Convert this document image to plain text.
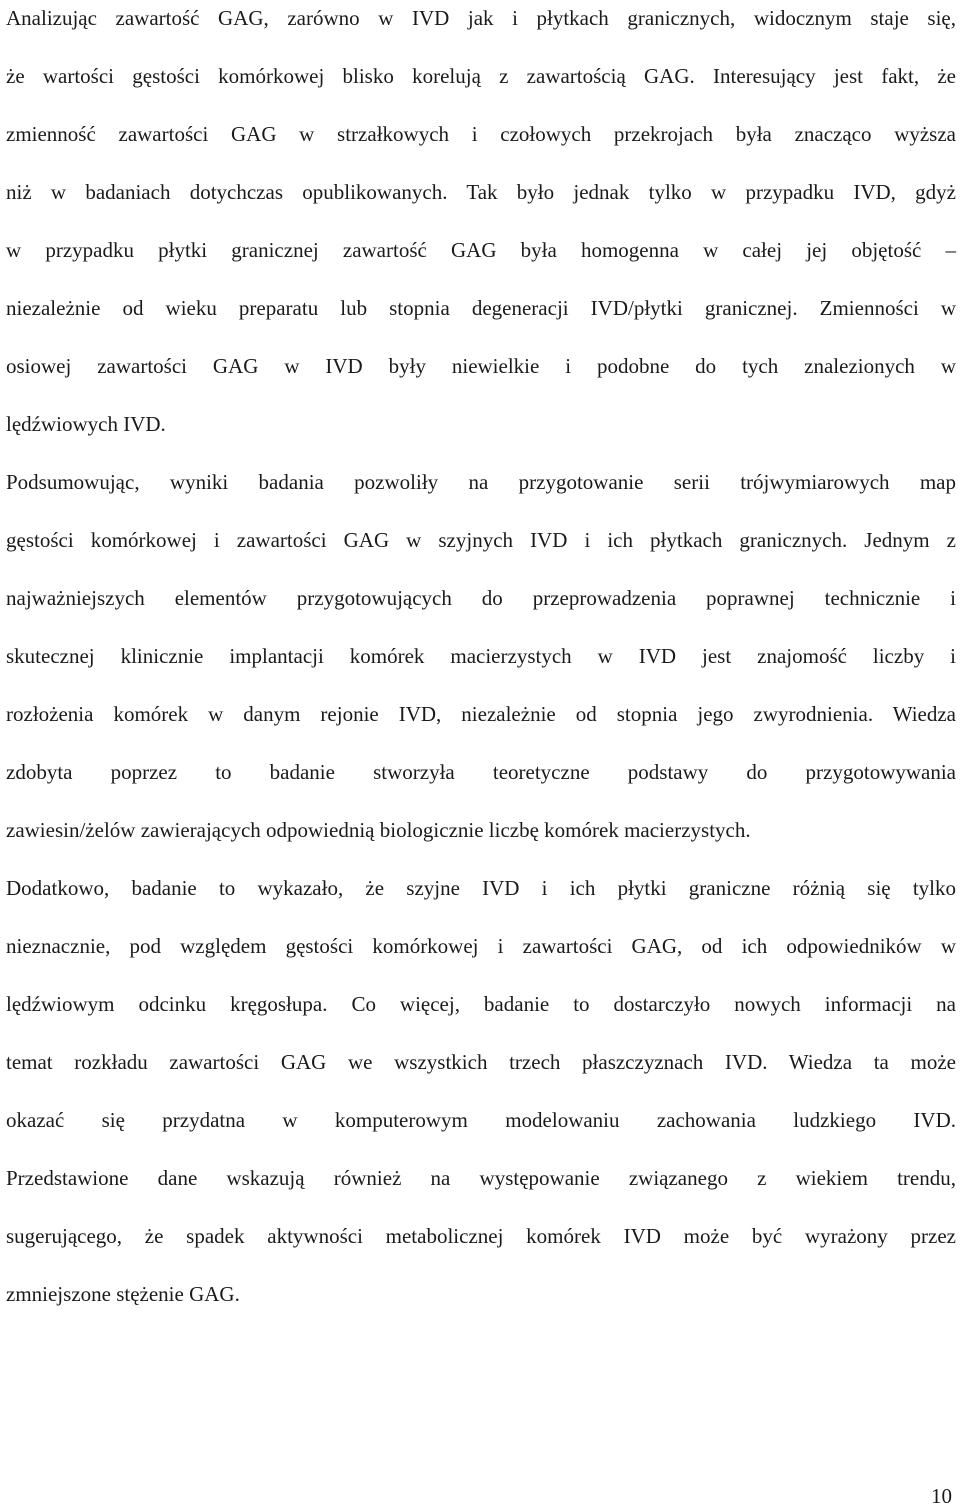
Analizując zawartość GAG, zarówno w IVD jak i płytkach granicznych, widocznym staje się,
że wartości gęstości komórkowej blisko korelują z zawartością GAG. Interesujący jest fakt, że
zmienność zawartości GAG w strzałkowych i czołowych przekrojach była znacząco wyższa
niż w badaniach dotychczas opublikowanych. Tak było jednak tylko w przypadku IVD, gdyż
w przypadku płytki granicznej zawartość GAG była homogenna w całej jej objętość –
niezależnie od wieku preparatu lub stopnia degeneracji IVD/płytki granicznej. Zmienności w
osiowej zawartości GAG w IVD były niewielkie i podobne do tych znalezionych w
lędźwiowych IVD.
Podsumowując, wyniki badania pozwoliły na przygotowanie serii trójwymiarowych map
gęstości komórkowej i zawartości GAG w szyjnych IVD i ich płytkach granicznych. Jednym z
najważniejszych elementów przygotowujących do przeprowadzenia poprawnej technicznie i
skutecznej klinicznie implantacji komórek macierzystych w IVD jest znajomość liczby i
rozłożenia komórek w danym rejonie IVD, niezależnie od stopnia jego zwyrodnienia. Wiedza
zdobyta poprzez to badanie stworzyła teoretyczne podstawy do przygotowywania
zawiesin/żelów zawierających odpowiednią biologicznie liczbę komórek macierzystych.
Dodatkowo, badanie to wykazało, że szyjne IVD i ich płytki graniczne różnią się tylko
nieznacznie, pod względem gęstości komórkowej i zawartości GAG, od ich odpowiedników w
lędźwiowym odcinku kręgosłupa. Co więcej, badanie to dostarczyło nowych informacji na
temat rozkładu zawartości GAG we wszystkich trzech płaszczyznach IVD. Wiedza ta może
okazać się przydatna w komputerowym modelowaniu zachowania ludzkiego IVD.
Przedstawione dane wskazują również na występowanie związanego z wiekiem trendu,
sugerującego, że spadek aktywności metabolicznej komórek IVD może być wyrażony przez
zmniejszone stężenie GAG.
10
